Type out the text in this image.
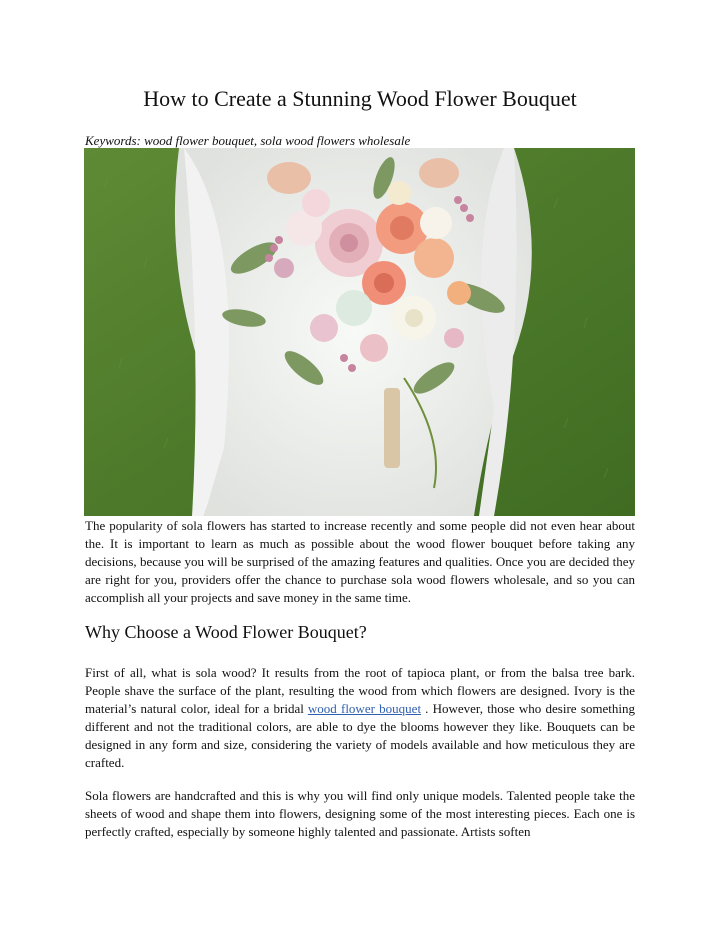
How to Create a Stunning Wood Flower Bouquet

Keywords: wood flower bouquet, sola wood flowers wholesale

The popularity of sola flowers has started to increase recently and some people did not even hear about the. It is important to learn as much as possible about the wood flower bouquet before taking any decisions, because you will be surprised of the amazing features and qualities. Once you are decided they are right for you, providers offer the chance to purchase sola wood flowers wholesale, and so you can accomplish all your projects and save money in the same time.

Why Choose a Wood Flower Bouquet?

First of all, what is sola wood? It results from the root of tapioca plant, or from the balsa tree bark. People shave the surface of the plant, resulting the wood from which flowers are designed. Ivory is the material’s natural color, ideal for a bridal wood flower bouquet . However, those who desire something different and not the traditional colors, are able to dye the blooms however they like. Bouquets can be designed in any form and size, considering the variety of models available and how meticulous they are crafted.

Sola flowers are handcrafted and this is why you will find only unique models. Talented people take the sheets of wood and shape them into flowers, designing some of the most interesting pieces. Each one is perfectly crafted, especially by someone highly talented and passionate. Artists soften
